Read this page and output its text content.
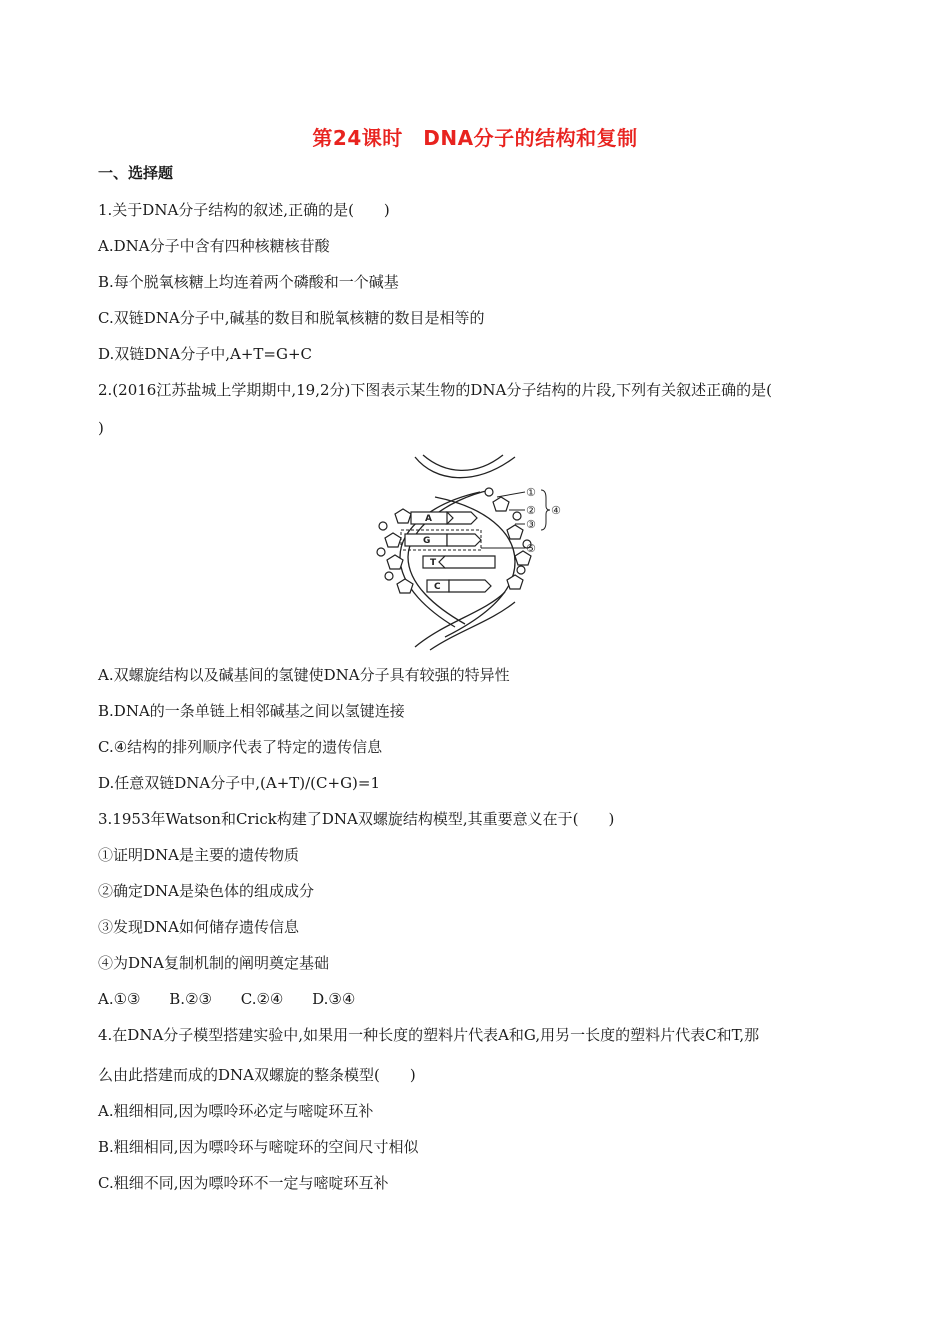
第24课时　DNA分子的结构和复制
一、选择题
1.关于DNA分子结构的叙述,正确的是(　　)
A.DNA分子中含有四种核糖核苷酸
B.每个脱氧核糖上均连着两个磷酸和一个碱基
C.双链DNA分子中,碱基的数目和脱氧核糖的数目是相等的
D.双链DNA分子中,A+T=G+C
2.(2016江苏盐城上学期期中,19,2分)下图表示某生物的DNA分子结构的片段,下列有关叙述正确的是(
)
A
G
T
C
①
②
③
④
⑤
A.双螺旋结构以及碱基间的氢键使DNA分子具有较强的特异性
B.DNA的一条单链上相邻碱基之间以氢键连接
C.④结构的排列顺序代表了特定的遗传信息
D.任意双链DNA分子中,(A+T)/(C+G)=1
3.1953年Watson和Crick构建了DNA双螺旋结构模型,其重要意义在于(　　)
①证明DNA是主要的遗传物质
②确定DNA是染色体的组成成分
③发现DNA如何储存遗传信息
④为DNA复制机制的阐明奠定基础
A.①③ B.②③ C.②④ D.③④
4.在DNA分子模型搭建实验中,如果用一种长度的塑料片代表A和G,用另一长度的塑料片代表C和T,那
么由此搭建而成的DNA双螺旋的整条模型(　　)
A.粗细相同,因为嘌呤环必定与嘧啶环互补
B.粗细相同,因为嘌呤环与嘧啶环的空间尺寸相似
C.粗细不同,因为嘌呤环不一定与嘧啶环互补
